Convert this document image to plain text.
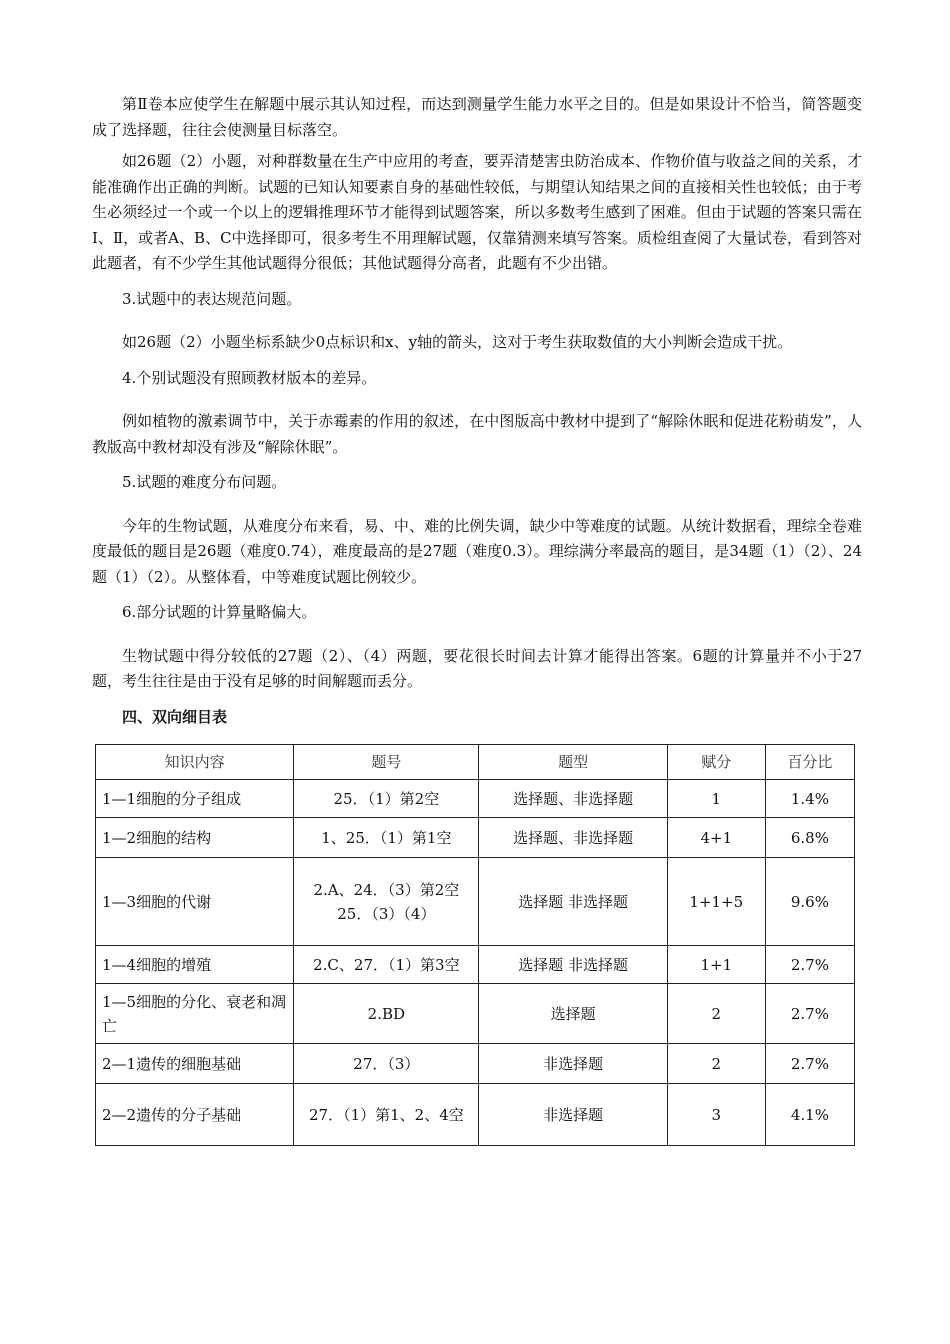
第Ⅱ卷本应使学生在解题中展示其认知过程，而达到测量学生能力水平之目的。但是如果设计不恰当，简答题变成了选择题，往往会使测量目标落空。

如26题（2）小题，对种群数量在生产中应用的考查，要弄清楚害虫防治成本、作物价值与收益之间的关系，才能准确作出正确的判断。试题的已知认知要素自身的基础性较低，与期望认知结果之间的直接相关性也较低；由于考生必须经过一个或一个以上的逻辑推理环节才能得到试题答案，所以多数考生感到了困难。但由于试题的答案只需在Ⅰ、Ⅱ，或者A、B、C中选择即可，很多考生不用理解试题，仅靠猜测来填写答案。质检组查阅了大量试卷，看到答对此题者，有不少学生其他试题得分很低；其他试题得分高者，此题有不少出错。

3.试题中的表达规范问题。

如26题（2）小题坐标系缺少0点标识和x、y轴的箭头，这对于考生获取数值的大小判断会造成干扰。

4.个别试题没有照顾教材版本的差异。

例如植物的激素调节中，关于赤霉素的作用的叙述，在中图版高中教材中提到了“解除休眠和促进花粉萌发”，人教版高中教材却没有涉及“解除休眠”。

5.试题的难度分布问题。

今年的生物试题，从难度分布来看，易、中、难的比例失调，缺少中等难度的试题。从统计数据看，理综全卷难度最低的题目是26题（难度0.74），难度最高的是27题（难度0.3）。理综满分率最高的题目，是34题（1）（2）、24题（1）（2）。从整体看，中等难度试题比例较少。

6.部分试题的计算量略偏大。

生物试题中得分较低的27题（2）、（4）两题，要花很长时间去计算才能得出答案。6题的计算量并不小于27题，考生往往是由于没有足够的时间解题而丢分。

四、双向细目表

知识内容	题号	题型	赋分	百分比
1—1细胞的分子组成	25．（1）第2空	选择题、非选择题	1	1.4%
1—2细胞的结构	1、25．（1）第1空	选择题、非选择题	4+1	6.8%
1—3细胞的代谢	2.A、24．（3）第2空
25．（3）（4）	选择题 非选择题	1+1+5	9.6%
1—4细胞的增殖	2.C、27．（1）第3空	选择题 非选择题	1+1	2.7%
1—5细胞的分化、衰老和凋亡	2.BD	选择题	2	2.7%
2—1遗传的细胞基础	27．（3）	非选择题	2	2.7%
2—2遗传的分子基础	27．（1）第1、2、4空	非选择题	3	4.1%
